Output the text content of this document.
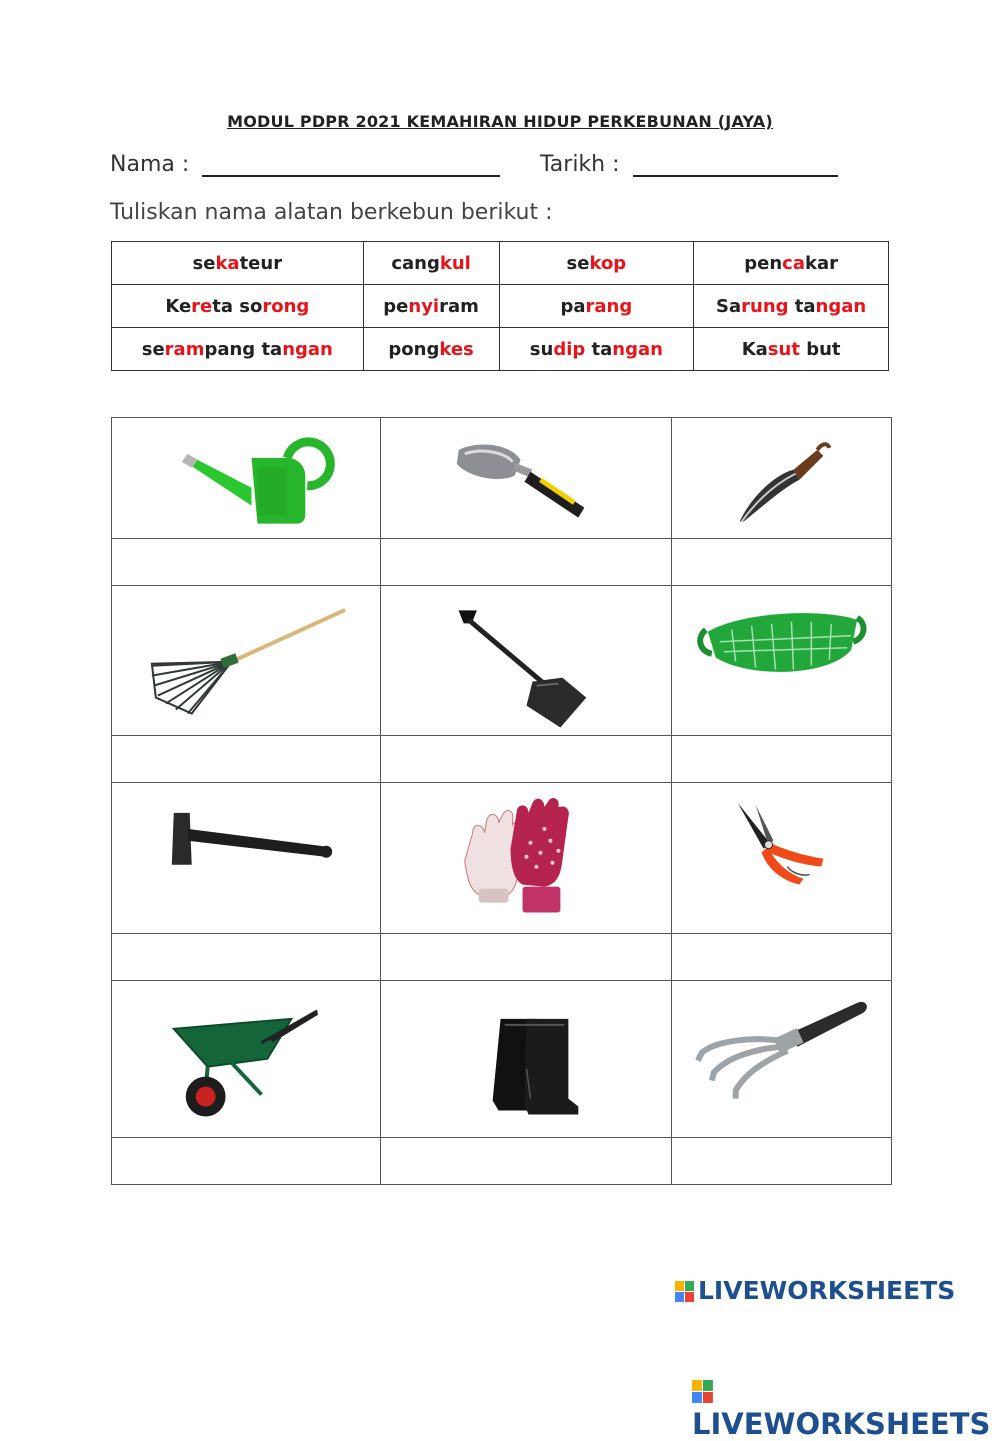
MODUL PDPR 2021 KEMAHIRAN HIDUP PERKEBUNAN (JAYA)
Nama :	Tarikh :
Tuliskan nama alatan berkebun berikut :
sekateur	cangkul	sekop	pencakar
Kereta sorong	penyiram	parang	Sarung tangan
serampang tangan	pongkes	sudip tangan	Kasut but

LIVEWORKSHEETS
LIVEWORKSHEETS
